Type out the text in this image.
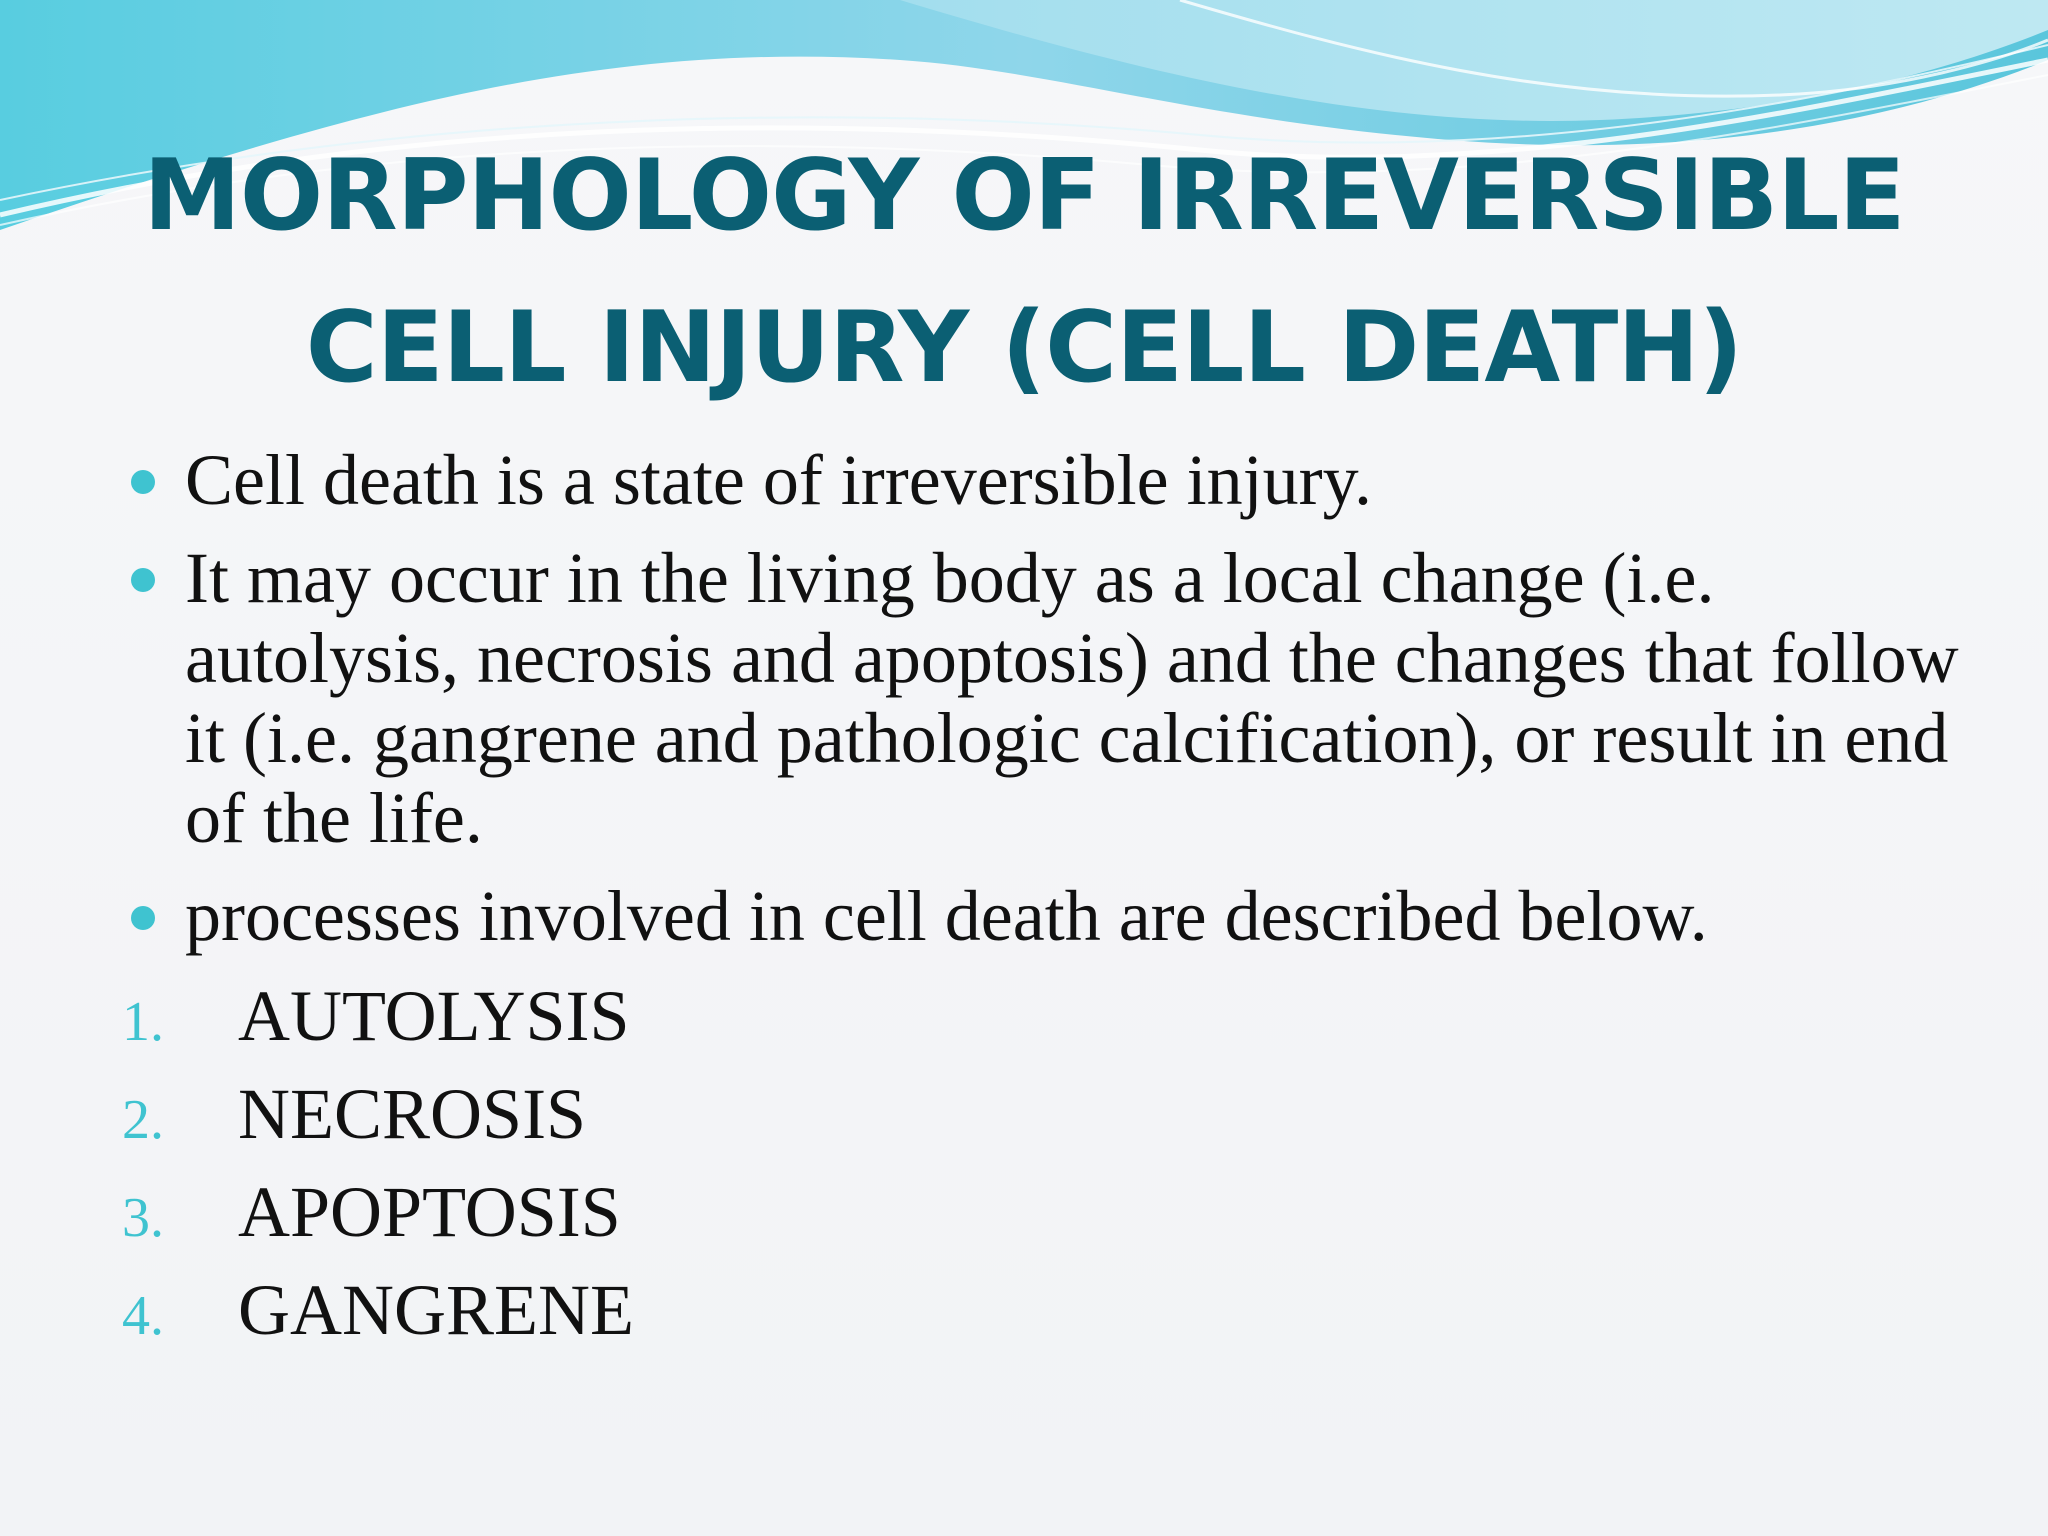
MORPHOLOGY OF IRREVERSIBLE
CELL INJURY (CELL DEATH)
Cell death is a state of irreversible injury.
It may occur in the living body as a local change (i.e. autolysis, necrosis and apoptosis) and the changes that follow it (i.e. gangrene and pathologic calcification), or result in end of the life.
processes involved in cell death are described below.
1. AUTOLYSIS
2. NECROSIS
3. APOPTOSIS
4. GANGRENE
